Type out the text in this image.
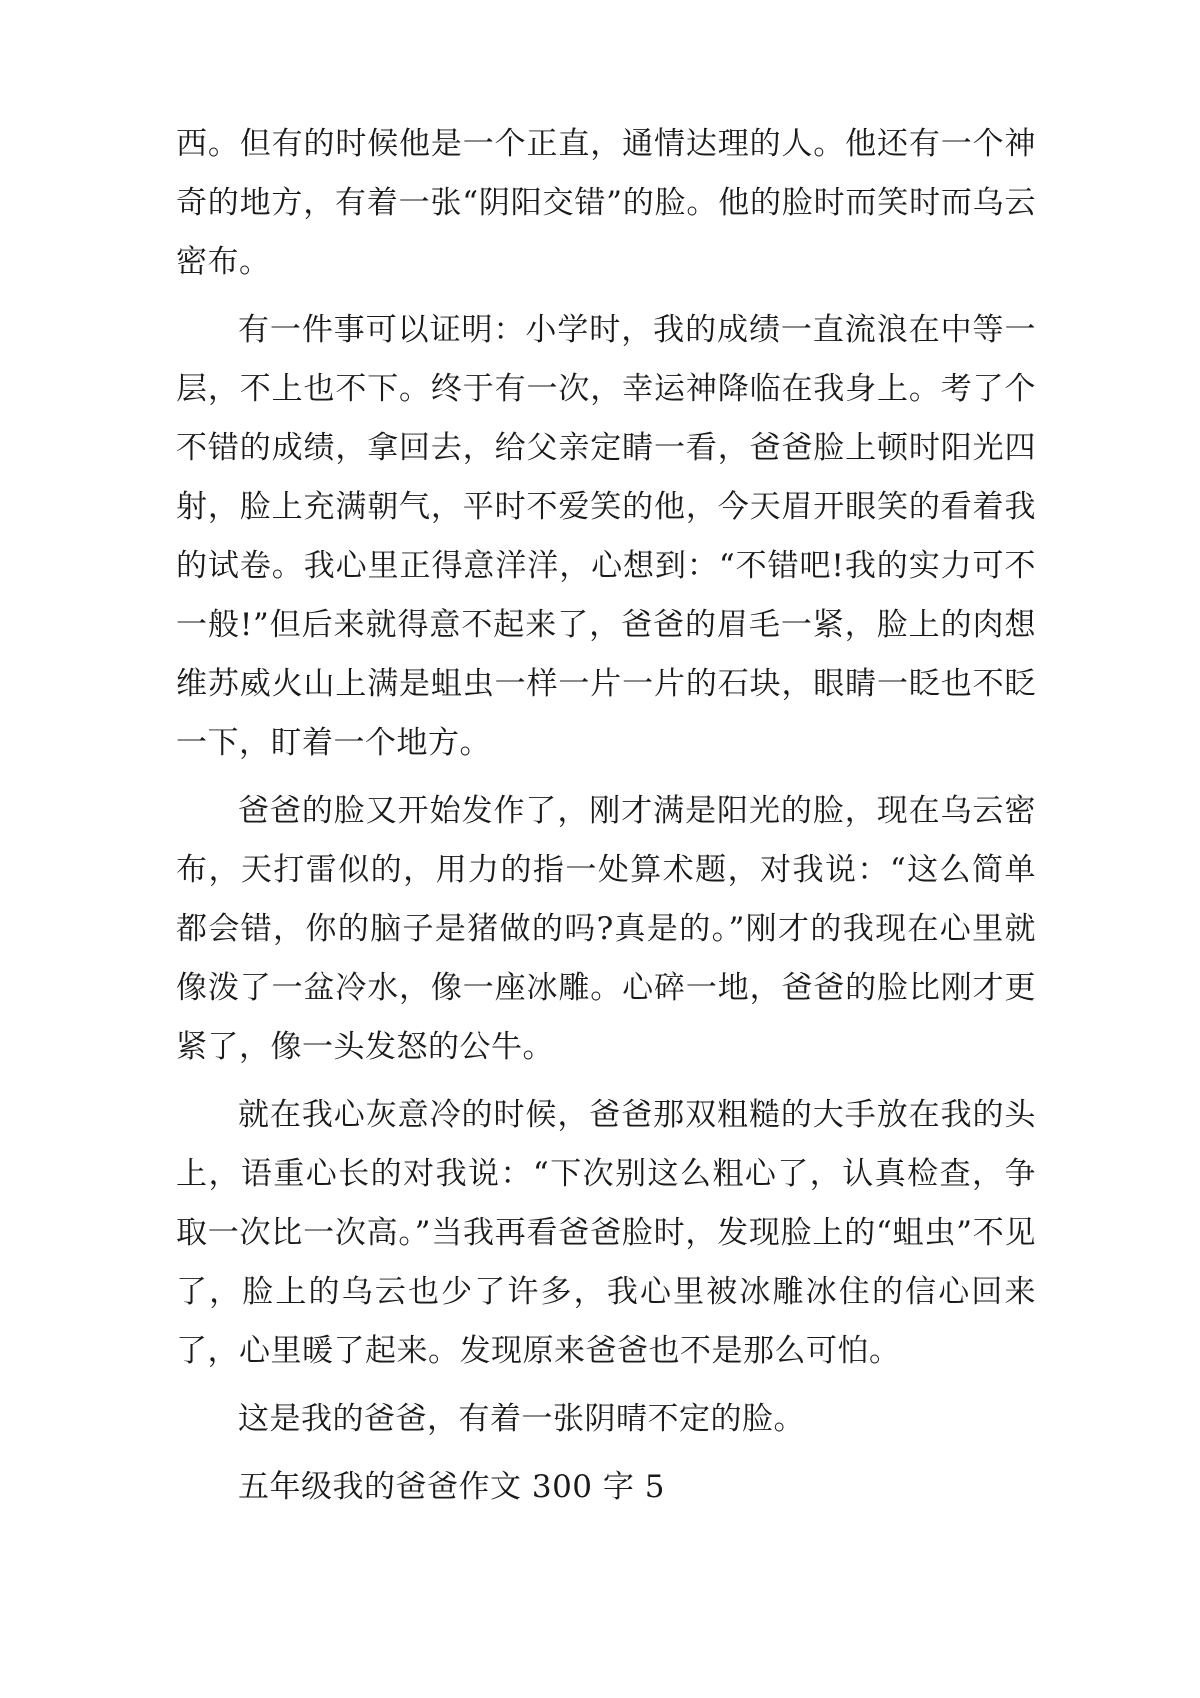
西。但有的时候他是一个正直，通情达理的人。他还有一个神奇的地方，有着一张“阴阳交错”的脸。他的脸时而笑时而乌云密布。

有一件事可以证明：小学时，我的成绩一直流浪在中等一层，不上也不下。终于有一次，幸运神降临在我身上。考了个不错的成绩，拿回去，给父亲定睛一看，爸爸脸上顿时阳光四射，脸上充满朝气，平时不爱笑的他，今天眉开眼笑的看着我的试卷。我心里正得意洋洋，心想到：“不错吧!我的实力可不一般!”但后来就得意不起来了，爸爸的眉毛一紧，脸上的肉想维苏威火山上满是蛆虫一样一片一片的石块，眼睛一眨也不眨一下，盯着一个地方。

爸爸的脸又开始发作了，刚才满是阳光的脸，现在乌云密布，天打雷似的，用力的指一处算术题，对我说：“这么简单都会错，你的脑子是猪做的吗?真是的。”刚才的我现在心里就像泼了一盆冷水，像一座冰雕。心碎一地，爸爸的脸比刚才更紧了，像一头发怒的公牛。

就在我心灰意冷的时候，爸爸那双粗糙的大手放在我的头上，语重心长的对我说：“下次别这么粗心了，认真检查，争取一次比一次高。”当我再看爸爸脸时，发现脸上的“蛆虫”不见了，脸上的乌云也少了许多，我心里被冰雕冰住的信心回来了，心里暖了起来。发现原来爸爸也不是那么可怕。

这是我的爸爸，有着一张阴晴不定的脸。

五年级我的爸爸作文 300 字 5
